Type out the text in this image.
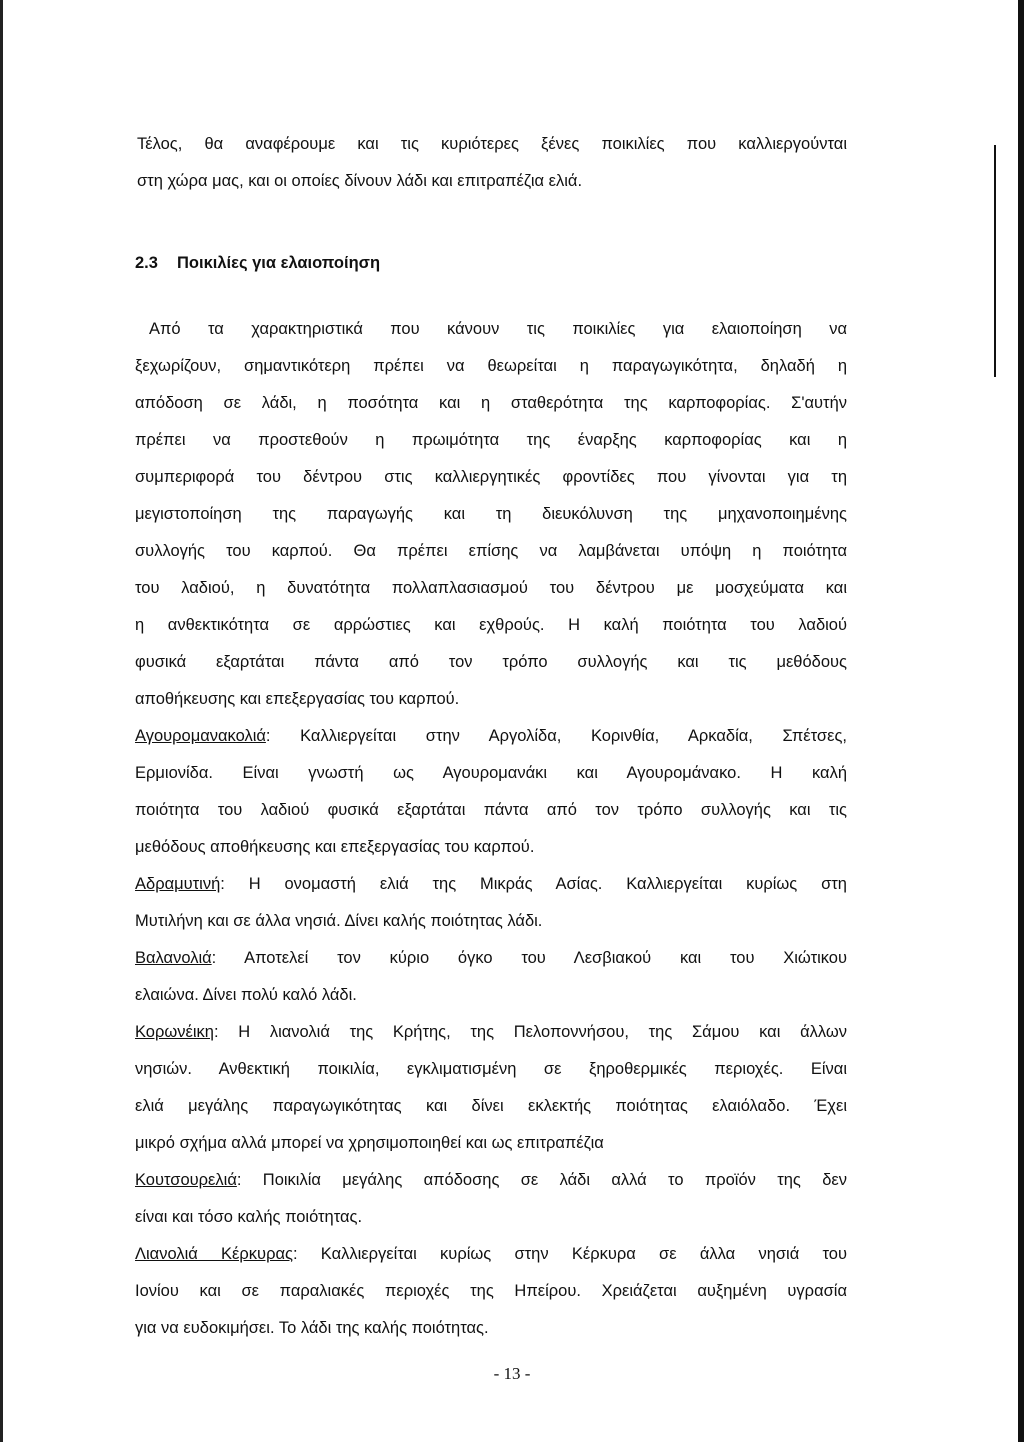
Τέλος, θα αναφέρουμε και τις κυριότερες ξένες ποικιλίες που καλλιεργούνται

στη χώρα μας, και οι οποίες δίνουν λάδι και επιτραπέζια ελιά.

2.3 Ποικιλίες για ελαιοποίηση

Από τα χαρακτηριστικά που κάνουν τις ποικιλίες για ελαιοποίηση να

ξεχωρίζουν, σημαντικότερη πρέπει να θεωρείται η παραγωγικότητα, δηλαδή η

απόδοση σε λάδι, η ποσότητα και η σταθερότητα της καρποφορίας. Σ'αυτήν

πρέπει να προστεθούν η πρωιμότητα της έναρξης καρποφορίας και η

συμπεριφορά του δέντρου στις καλλιεργητικές φροντίδες που γίνονται για τη

μεγιστοποίηση της παραγωγής και τη διευκόλυνση της μηχανοποιημένης

συλλογής του καρπού. Θα πρέπει επίσης να λαμβάνεται υπόψη η ποιότητα

του λαδιού, η δυνατότητα πολλαπλασιασμού του δέντρου με μοσχεύματα και

η ανθεκτικότητα σε αρρώστιες και εχθρούς. Η καλή ποιότητα του λαδιού

φυσικά εξαρτάται πάντα από τον τρόπο συλλογής και τις μεθόδους

αποθήκευσης και επεξεργασίας του καρπού.

Αγουρομανακολιά: Καλλιεργείται στην Αργολίδα, Κορινθία, Αρκαδία, Σπέτσες,

Ερμιονίδα. Είναι γνωστή ως Αγουρομανάκι και Αγουρομάνακο. Η καλή

ποιότητα του λαδιού φυσικά εξαρτάται πάντα από τον τρόπο συλλογής και τις

μεθόδους αποθήκευσης και επεξεργασίας του καρπού.

Αδραμυτινή: Η ονομαστή ελιά της Μικράς Ασίας. Καλλιεργείται κυρίως στη

Μυτιλήνη και σε άλλα νησιά. Δίνει καλής ποιότητας λάδι.

Βαλανολιά: Αποτελεί τον κύριο όγκο του Λεσβιακού και του Χιώτικου

ελαιώνα. Δίνει πολύ καλό λάδι.

Κορωνέικη: Η λιανολιά της Κρήτης, της Πελοποννήσου, της Σάμου και άλλων

νησιών. Ανθεκτική ποικιλία, εγκλιματισμένη σε ξηροθερμικές περιοχές. Είναι

ελιά μεγάλης παραγωγικότητας και δίνει εκλεκτής ποιότητας ελαιόλαδο. Έχει

μικρό σχήμα αλλά μπορεί να χρησιμοποιηθεί και ως επιτραπέζια

Κουτσουρελιά: Ποικιλία μεγάλης απόδοσης σε λάδι αλλά το προϊόν της δεν

είναι και τόσο καλής ποιότητας.

Λιανολιά Κέρκυρας: Καλλιεργείται κυρίως στην Κέρκυρα σε άλλα νησιά του

Ιονίου και σε παραλιακές περιοχές της Ηπείρου. Χρειάζεται αυξημένη υγρασία

για να ευδοκιμήσει. Το λάδι της καλής ποιότητας.

- 13 -
